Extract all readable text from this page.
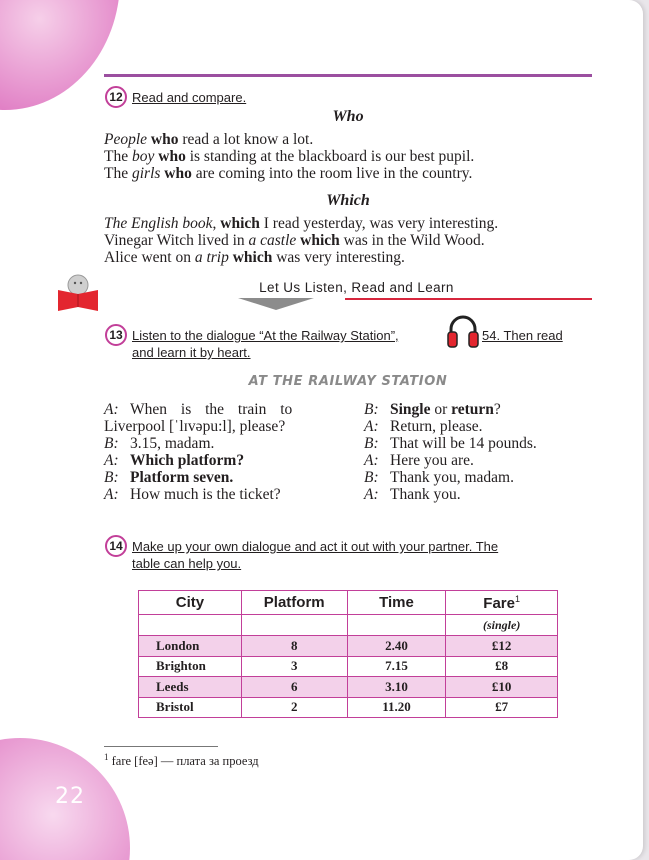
12 Read and compare.
Who
People who read a lot know a lot.
The boy who is standing at the blackboard is our best pupil.
The girls who are coming into the room live in the country.
Which
The English book, which I read yesterday, was very interesting.
Vinegar Witch lived in a castle which was in the Wild Wood.
Alice went on a trip which was very interesting.
Let Us Listen, Read and Learn
13 Listen to the dialogue “At the Railway Station”,	54. Then read
and learn it by heart.
AT THE RAILWAY STATION
A: When is the train to
Liverpool [ˈlɪvəpu:l], please?
B: 3.15, madam.
A: Which platform?
B: Platform seven.
A: How much is the ticket?
B: Single or return?
A: Return, please.
B: That will be 14 pounds.
A: Here you are.
B: Thank you, madam.
A: Thank you.
14 Make up your own dialogue and act it out with your partner. The
table can help you.
City	Platform	Time	Fare$^1$
			(single)
London	8	2.40	£12
Brighton	3	7.15	£8
Leeds	6	3.10	£10
Bristol	2	11.20	£7
$^1$ fare [feə] — плата за проезд
22
